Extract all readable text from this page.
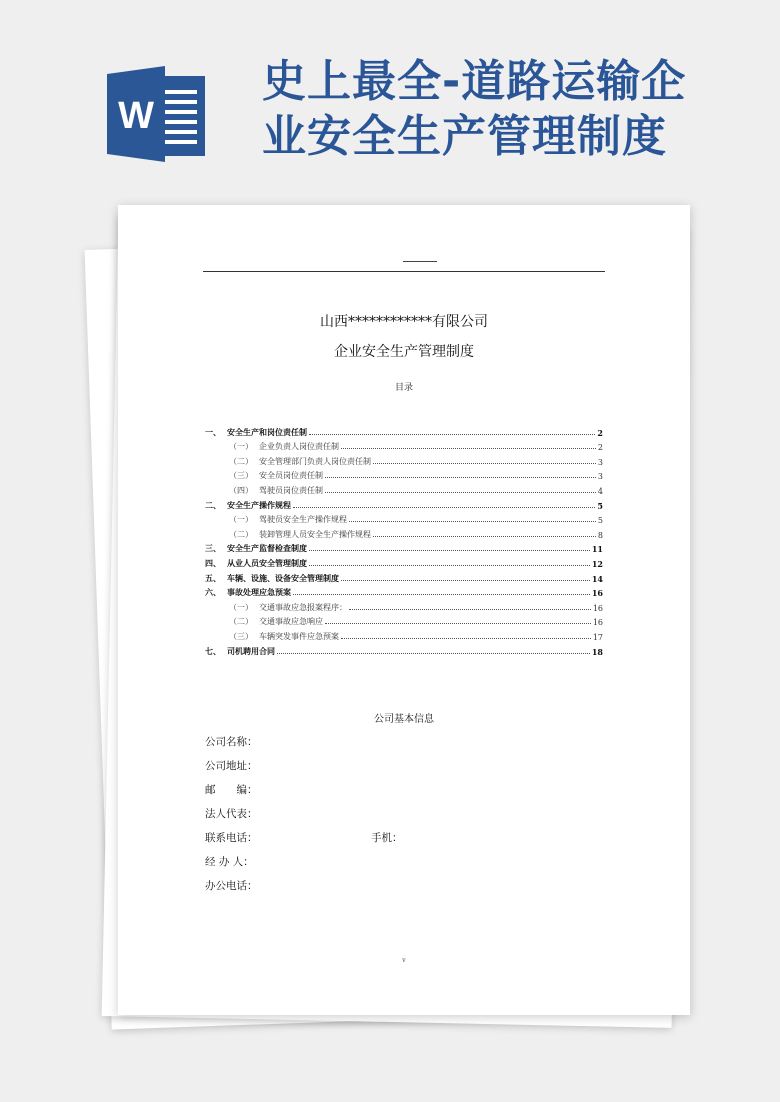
W
史上最全-道路运输企
业安全生产管理制度
山西************有限公司
企业安全生产管理制度
目录
一、 安全生产和岗位责任制	2
（一） 企业负责人岗位责任制	2
（二） 安全管理部门负责人岗位责任制	3
（三） 安全员岗位责任制	3
（四） 驾驶员岗位责任制	4
二、 安全生产操作规程	5
（一） 驾驶员安全生产操作规程	5
（二） 装卸管理人员安全生产操作规程	8
三、 安全生产监督检查制度	11
四、 从业人员安全管理制度	12
五、 车辆、设施、设备安全管理制度	14
六、 事故处理应急预案	16
（一） 交通事故应急报案程序：	16
（二） 交通事故应急响应	16
（三） 车辆突发事件应急预案	17
七、 司机聘用合同	18
公司基本信息
公司名称：
公司地址：
邮　　编：
法人代表：
联系电话：	手机：
经 办 人：
办公电话：
v
